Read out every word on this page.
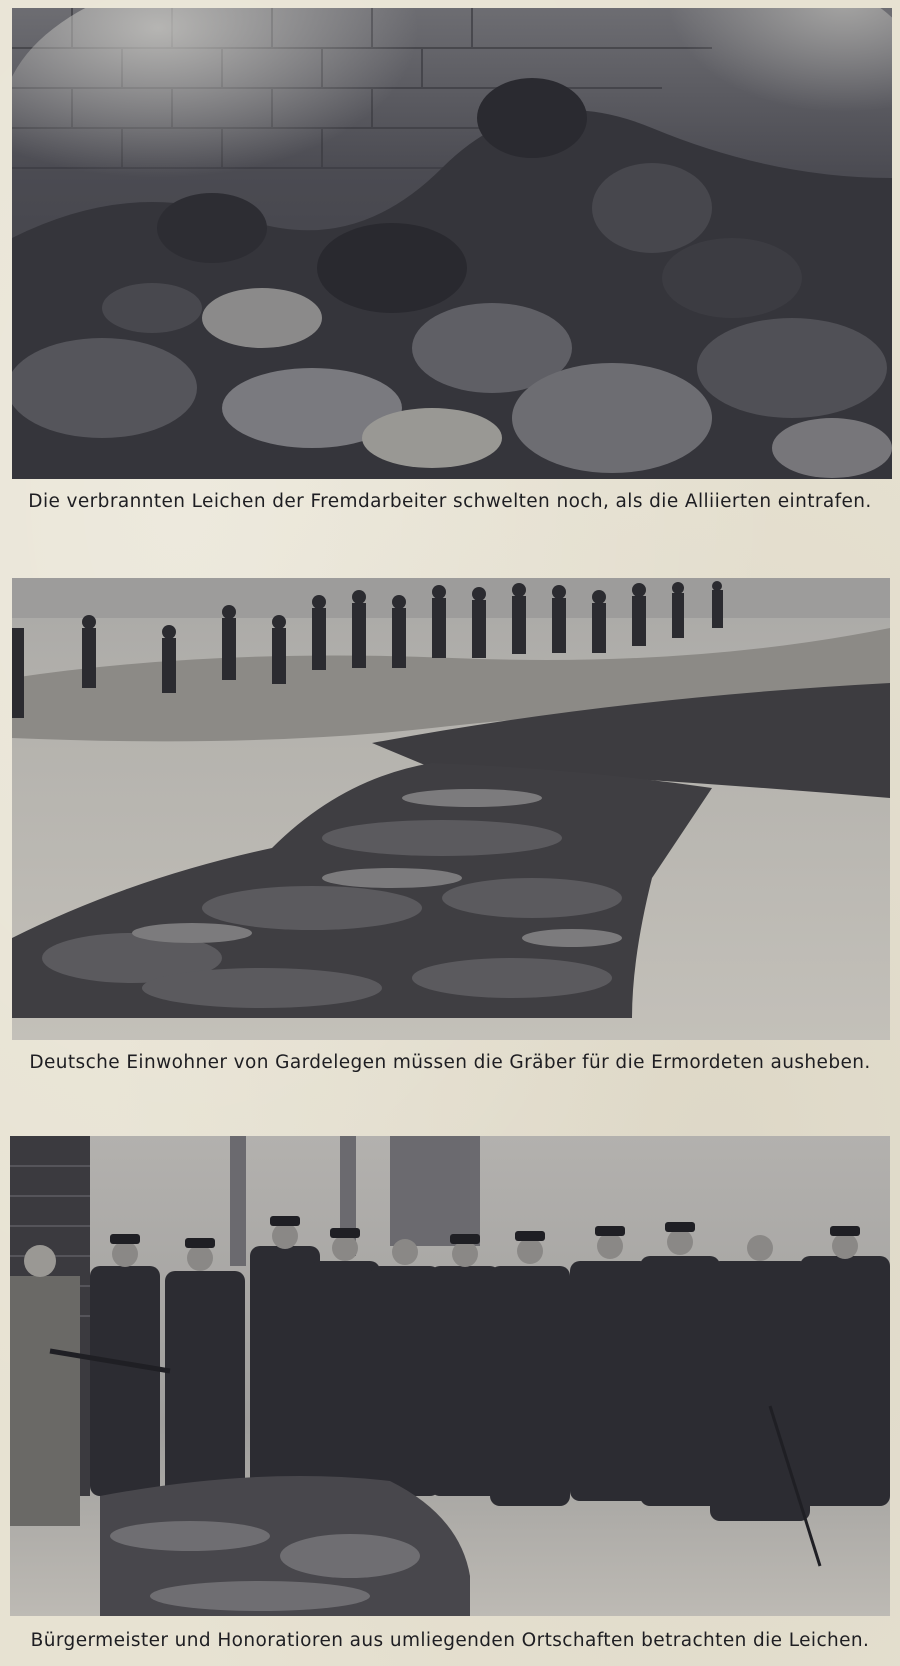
Die verbrannten Leichen der Fremdarbeiter schwelten noch, als die Alliierten eintrafen.
Deutsche Einwohner von Gardelegen müssen die Gräber für die Ermordeten ausheben.
Bürgermeister und Honoratioren aus umliegenden Ortschaften betrachten die Leichen.
